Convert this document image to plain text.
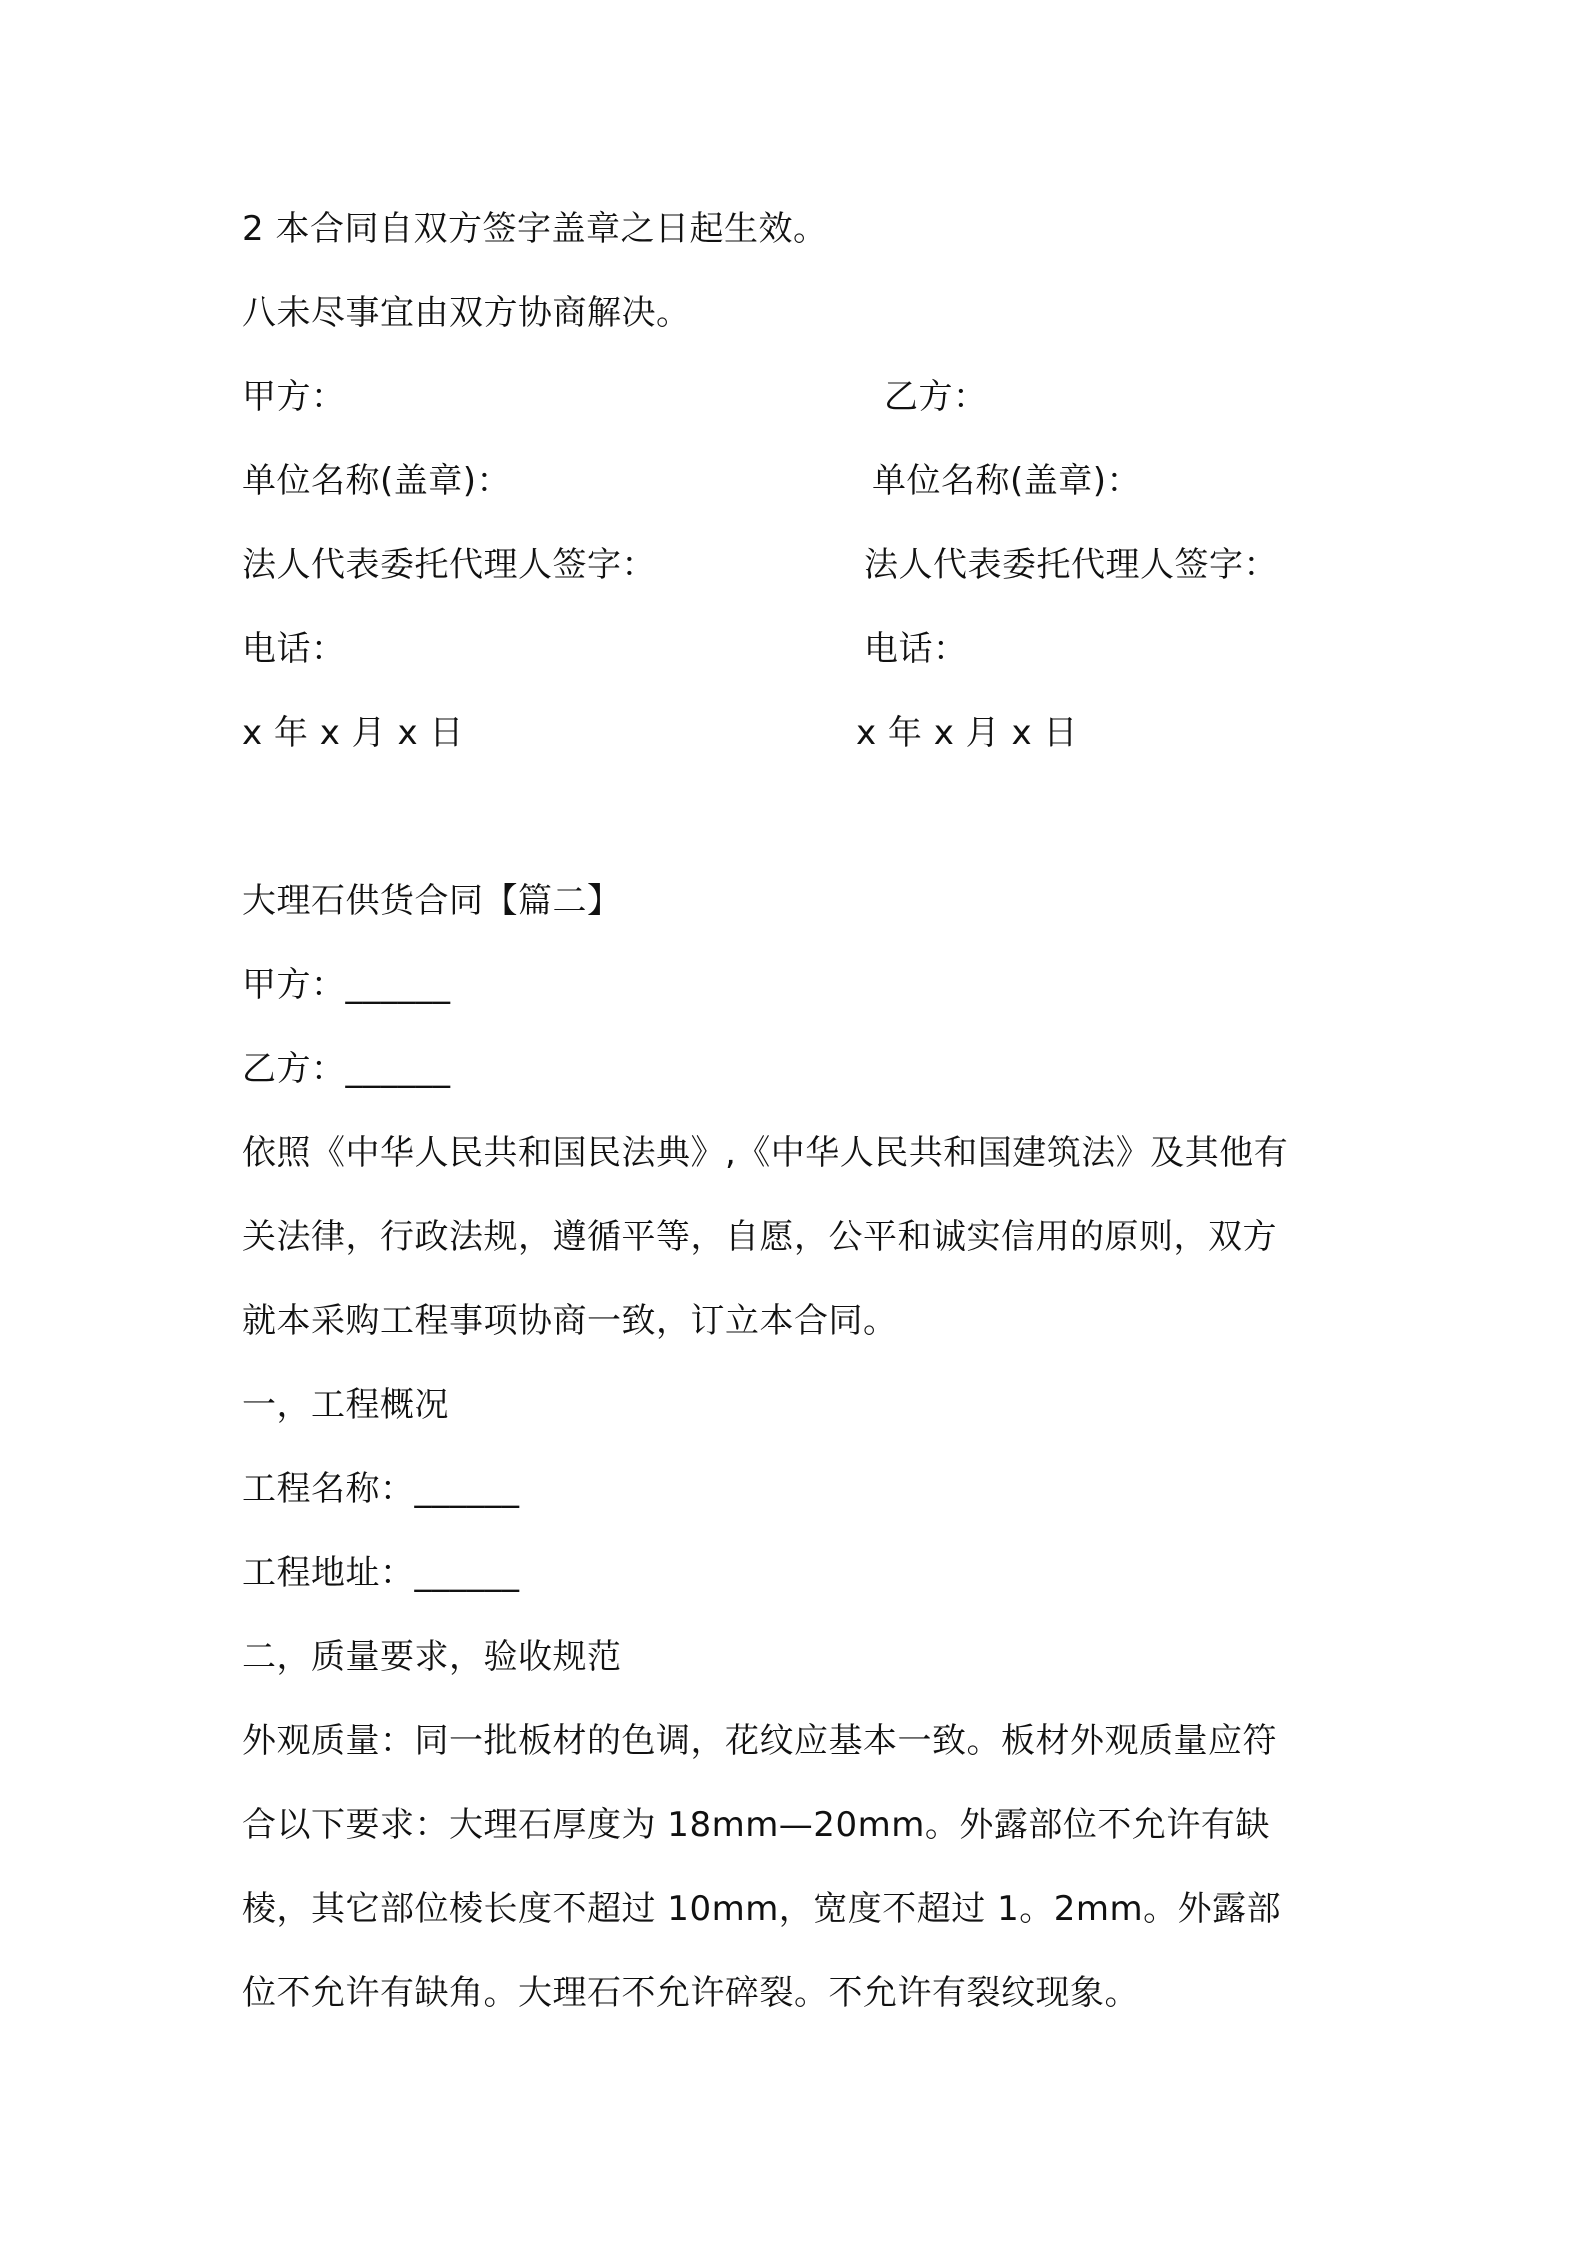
2 本合同自双方签字盖章之日起生效。
八未尽事宜由双方协商解决。
甲方：	乙方：
单位名称(盖章)：	单位名称(盖章)：
法人代表委托代理人签字：	法人代表委托代理人签字：
电话：	电话：
x 年 x 月 x 日	x 年 x 月 x 日
大理石供货合同【篇二】
甲方：______
乙方：______
依照《中华人民共和国民法典》,《中华人民共和国建筑法》及其他有
关法律，行政法规，遵循平等，自愿，公平和诚实信用的原则，双方
就本采购工程事项协商一致，订立本合同。
一，工程概况
工程名称：______
工程地址：______
二，质量要求，验收规范
外观质量：同一批板材的色调，花纹应基本一致。板材外观质量应符
合以下要求：大理石厚度为 18mm—20mm。外露部位不允许有缺
棱，其它部位棱长度不超过 10mm，宽度不超过 1。2mm。外露部
位不允许有缺角。大理石不允许碎裂。不允许有裂纹现象。
